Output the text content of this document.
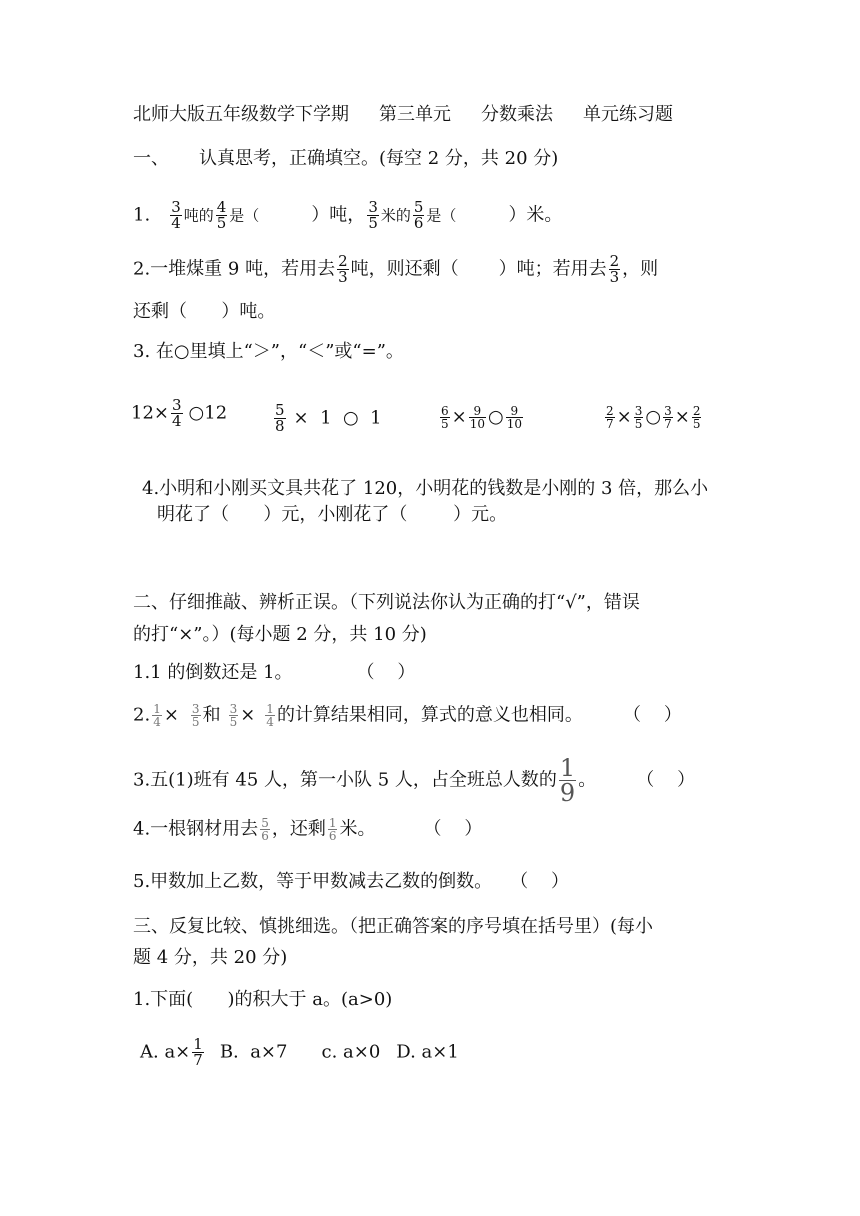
北师大版五年级数学下学期 第三单元 分数乘法 单元练习题
一、 认真思考，正确填空。(每空 2 分，共 20 分)
1. $\frac{3}{4}$ 吨的 $\frac{4}{5}$ 是（	）吨， $\frac{3}{5}$ 米的 $\frac{5}{6}$ 是（	）米。
2.一堆煤重 9 吨，若用去 $\frac{2}{3}$ 吨，则还剩（ ）吨；若用去 $\frac{2}{3}$ ，则
还剩（      ）吨。
3. 在○里填上“＞”，“＜”或“=”。
$12\times \frac{3}{4}$ ○12	$\frac{5}{8} \times 1$  ○  1	$\frac{6}{5} \times \frac{9}{10}$ ○ $\frac{9}{10}$	$\frac{2}{7} \times \frac{3}{5}$ ○ $\frac{3}{7} \times \frac{2}{5}$
4.小明和小刚买文具共花了 120，小明花的钱数是小刚的 3 倍，那么小
明花了（      ）元，小刚花了（        ）元。
二、仔细推敲、辨析正误。（下列说法你认为正确的打“√”，错误
的打“×”。）(每小题 2 分，共 10 分)
1.1 的倒数还是 1。	（    ）
2. $\frac{1}{4} \times \frac{3}{5}$ 和 $\frac{3}{5} \times \frac{1}{4}$ 的计算结果相同，算式的意义也相同。 （    ）
3.五(1)班有 45 人，第一小队 5 人，占全班总人数的 $\frac{1}{9}$ 。 （    ）
4.一根钢材用去 $\frac{5}{6}$ ，还剩 $\frac{1}{6}$ 米。	（    ）
5.甲数加上乙数，等于甲数减去乙数的倒数。 （    ）
三、反复比较、慎挑细选。（把正确答案的序号填在括号里）(每小
题 4 分，共 20 分)
1.下面(      )的积大于 a。(a>0)
A. $a\times \frac{1}{7} B$.  a×7 c. a×0 D. a×1
